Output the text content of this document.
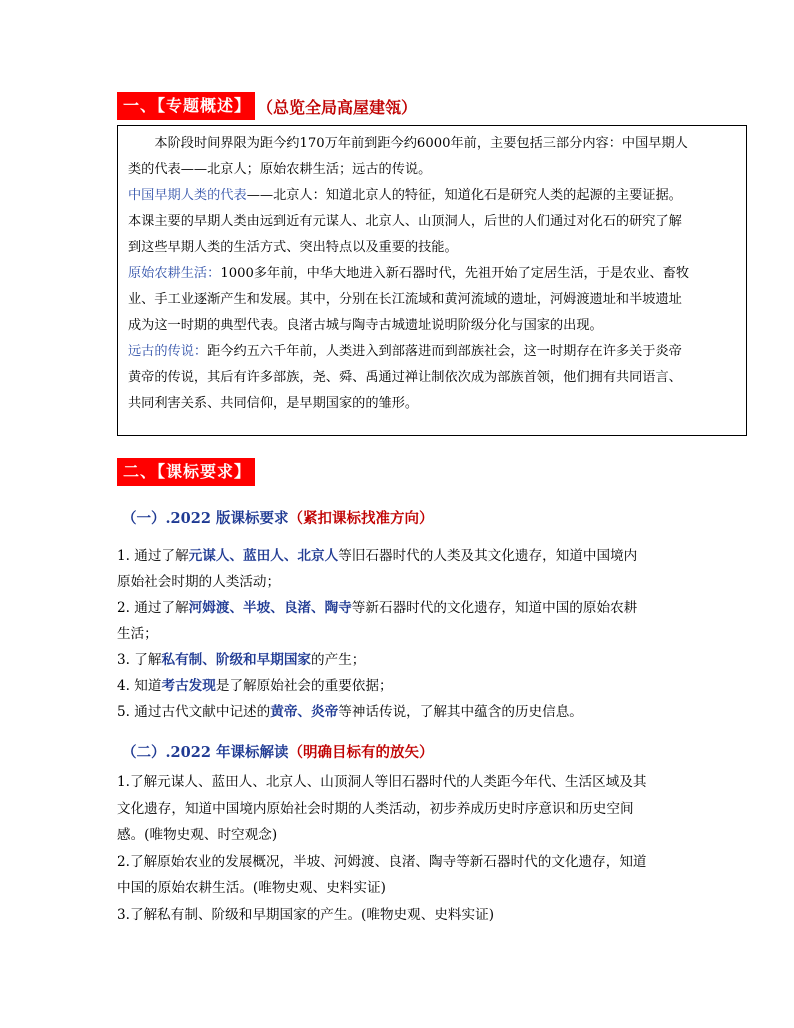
一、【专题概述】 （总览全局高屋建瓴）

本阶段时间界限为距今约170万年前到距今约6000年前，主要包括三部分内容：中国早期人
类的代表——北京人；原始农耕生活；远古的传说。

中国早期人类的代表——北京人：知道北京人的特征，知道化石是研究人类的起源的主要证据。
本课主要的早期人类由远到近有元谋人、北京人、山顶洞人，后世的人们通过对化石的研究了解
到这些早期人类的生活方式、突出特点以及重要的技能。

原始农耕生活：1000多年前，中华大地进入新石器时代，先祖开始了定居生活，于是农业、畜牧
业、手工业逐渐产生和发展。其中，分别在长江流域和黄河流域的遗址，河姆渡遗址和半坡遗址
成为这一时期的典型代表。良渚古城与陶寺古城遗址说明阶级分化与国家的出现。

远古的传说：距今约五六千年前，人类进入到部落进而到部族社会，这一时期存在许多关于炎帝
黄帝的传说，其后有许多部族，尧、舜、禹通过禅让制依次成为部族首领，他们拥有共同语言、
共同利害关系、共同信仰，是早期国家的的雏形。

二、【课标要求】
（一）.2022 版课标要求（紧扣课标找准方向）
1. 通过了解元谋人、蓝田人、北京人等旧石器时代的人类及其文化遗存，知道中国境内
原始社会时期的人类活动；
2. 通过了解河姆渡、半坡、良渚、陶寺等新石器时代的文化遗存，知道中国的原始农耕
生活；
3. 了解私有制、阶级和早期国家的产生；
4. 知道考古发现是了解原始社会的重要依据；
5. 通过古代文献中记述的黄帝、炎帝等神话传说，了解其中蕴含的历史信息。
（二）.2022 年课标解读（明确目标有的放矢）
1.了解元谋人、蓝田人、北京人、山顶洞人等旧石器时代的人类距今年代、生活区域及其
文化遗存，知道中国境内原始社会时期的人类活动，初步养成历史时序意识和历史空间
感。(唯物史观、时空观念)
2.了解原始农业的发展概况，半坡、河姆渡、良渚、陶寺等新石器时代的文化遗存，知道
中国的原始农耕生活。(唯物史观、史料实证)
3.了解私有制、阶级和早期国家的产生。(唯物史观、史料实证)
